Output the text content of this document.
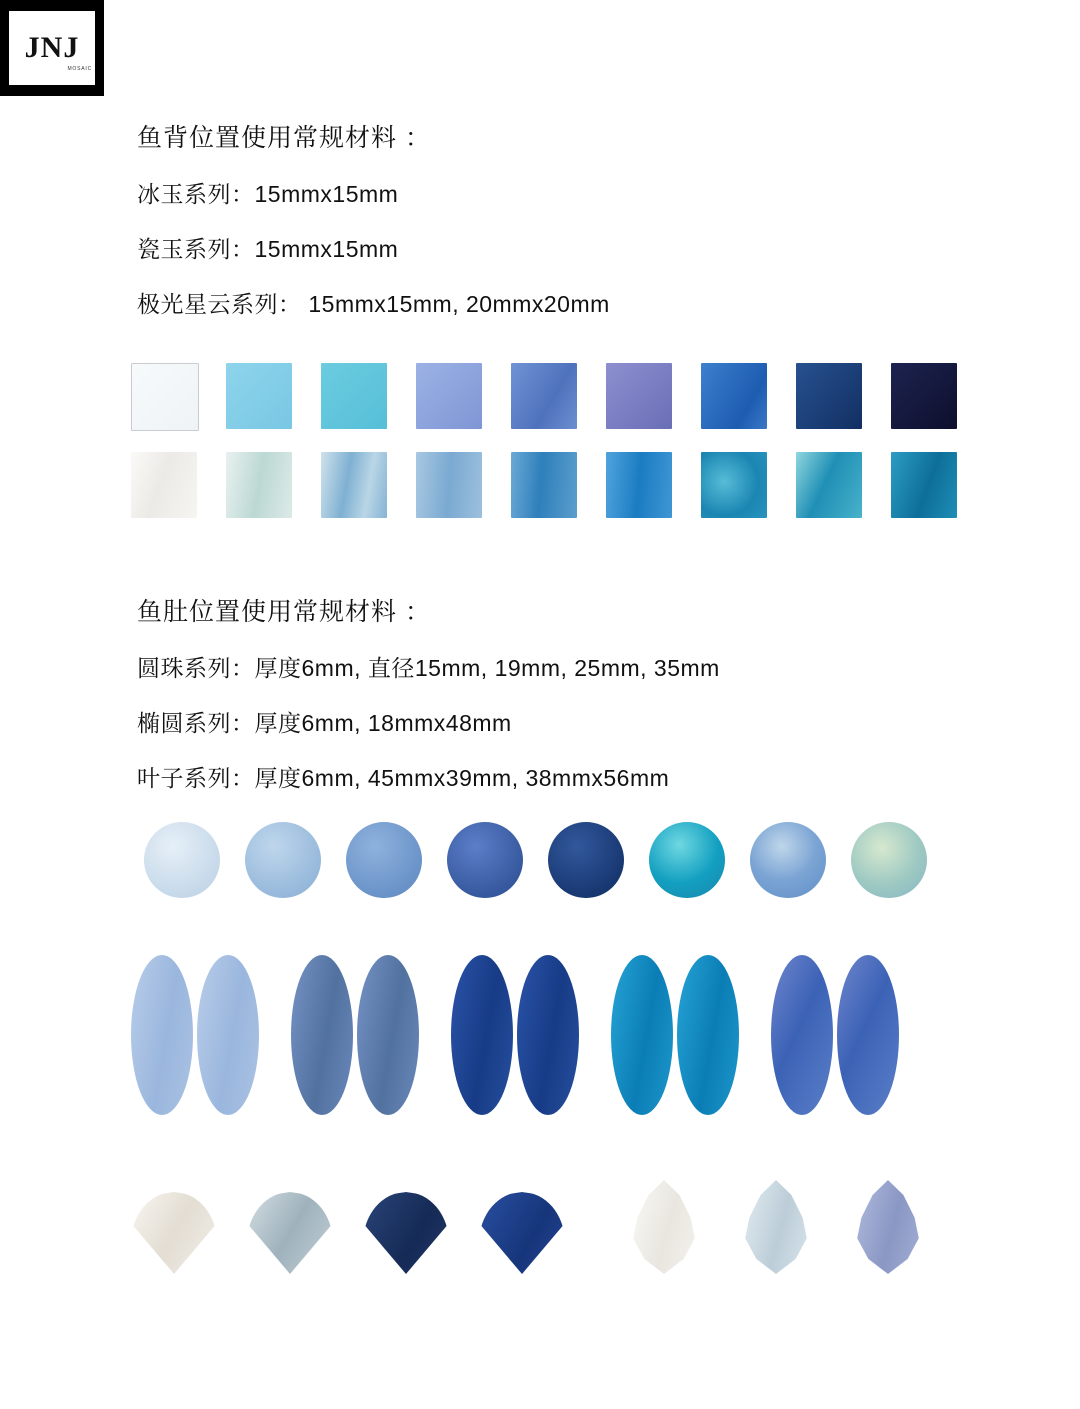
JNJ
MOSAIC

鱼背位置使用常规材料 ：

冰玉系列：15mmx15mm

瓷玉系列：15mmx15mm

极光星云系列： 15mmx15mm, 20mmx20mm

鱼肚位置使用常规材料 ：

圆珠系列：厚度6mm, 直径15mm, 19mm, 25mm, 35mm

椭圆系列：厚度6mm, 18mmx48mm

叶子系列：厚度6mm, 45mmx39mm, 38mmx56mm
